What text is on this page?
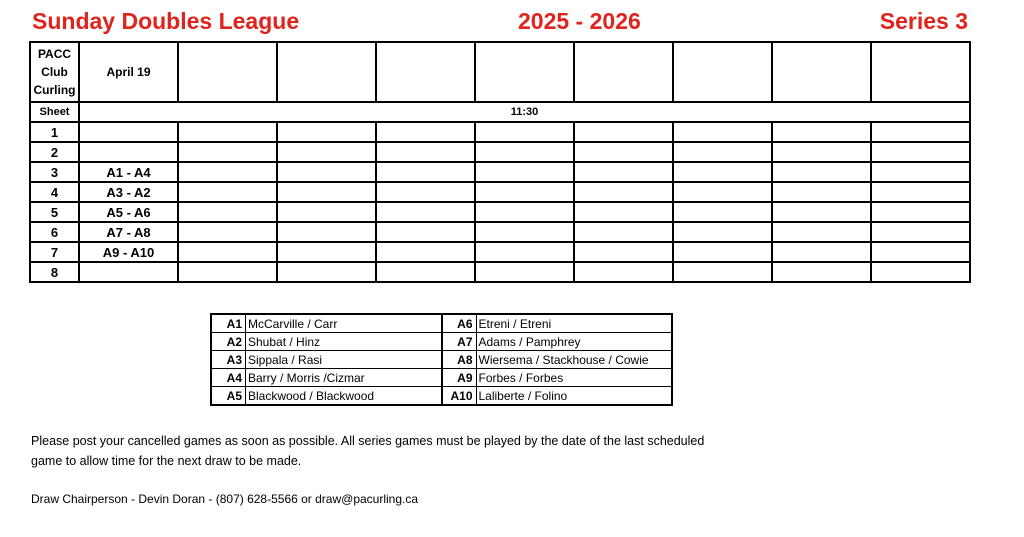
Sunday Doubles League	2025 - 2026	Series 3
PACC
Club
Curling	April 19								
Sheet	11:30								
1									
2									
3	A1 - A4								
4	A3 - A2								
5	A5 - A6								
6	A7 - A8								
7	A9 - A10								
8									
A1	McCarville / Carr	A6	Etreni / Etreni
A2	Shubat / Hinz	A7	Adams / Pamphrey
A3	Sippala / Rasi	A8	Wiersema / Stackhouse / Cowie
A4	Barry / Morris /Cizmar	A9	Forbes / Forbes
A5	Blackwood / Blackwood	A10	Laliberte / Folino
Please post your cancelled games as soon as possible. All series games must be played by the date of the last scheduled
game to allow time for the next draw to be made.
Draw Chairperson - Devin Doran - (807) 628-5566 or draw@pacurling.ca
